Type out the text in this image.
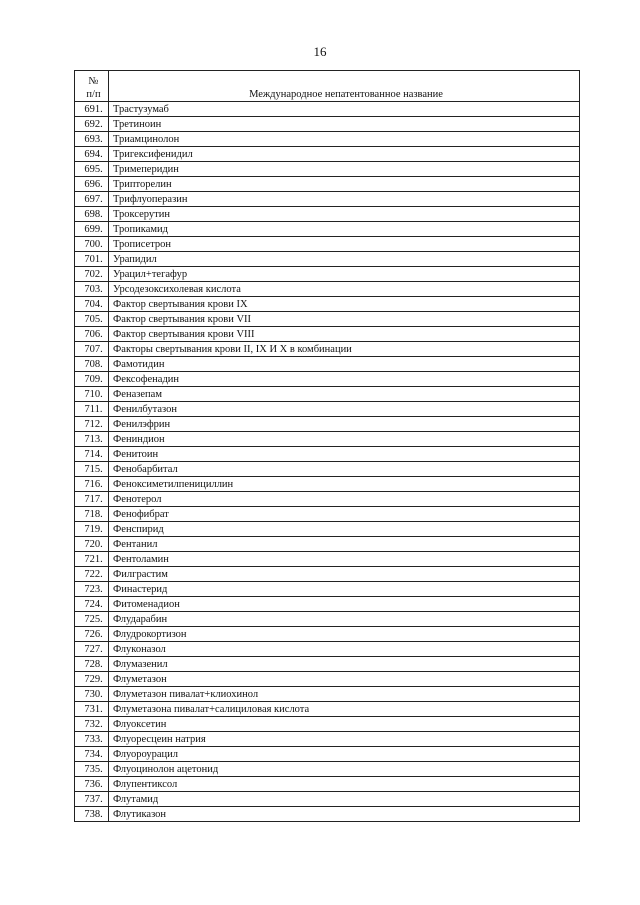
16
№
п/п	Международное непатентованное название
691.	Трастузумаб
692.	Третиноин
693.	Триамцинолон
694.	Тригексифенидил
695.	Тримеперидин
696.	Трипторелин
697.	Трифлуоперазин
698.	Троксерутин
699.	Тропикамид
700.	Трописетрон
701.	Урапидил
702.	Урацил+тегафур
703.	Урсодезоксихолевая кислота
704.	Фактор свертывания крови IX
705.	Фактор свертывания крови VII
706.	Фактор свертывания крови VIII
707.	Факторы свертывания крови II, IX И X в комбинации
708.	Фамотидин
709.	Фексофенадин
710.	Феназепам
711.	Фенилбутазон
712.	Фенилэфрин
713.	Фениндион
714.	Фенитоин
715.	Фенобарбитал
716.	Феноксиметилпенициллин
717.	Фенотерол
718.	Фенофибрат
719.	Фенспирид
720.	Фентанил
721.	Фентоламин
722.	Филграстим
723.	Финастерид
724.	Фитоменадион
725.	Флударабин
726.	Флудрокортизон
727.	Флуконазол
728.	Флумазенил
729.	Флуметазон
730.	Флуметазон пивалат+клиохинол
731.	Флуметазона пивалат+салициловая кислота
732.	Флуоксетин
733.	Флуоресцеин натрия
734.	Флуороурацил
735.	Флуоцинолон ацетонид
736.	Флупентиксол
737.	Флутамид
738.	Флутиказон
